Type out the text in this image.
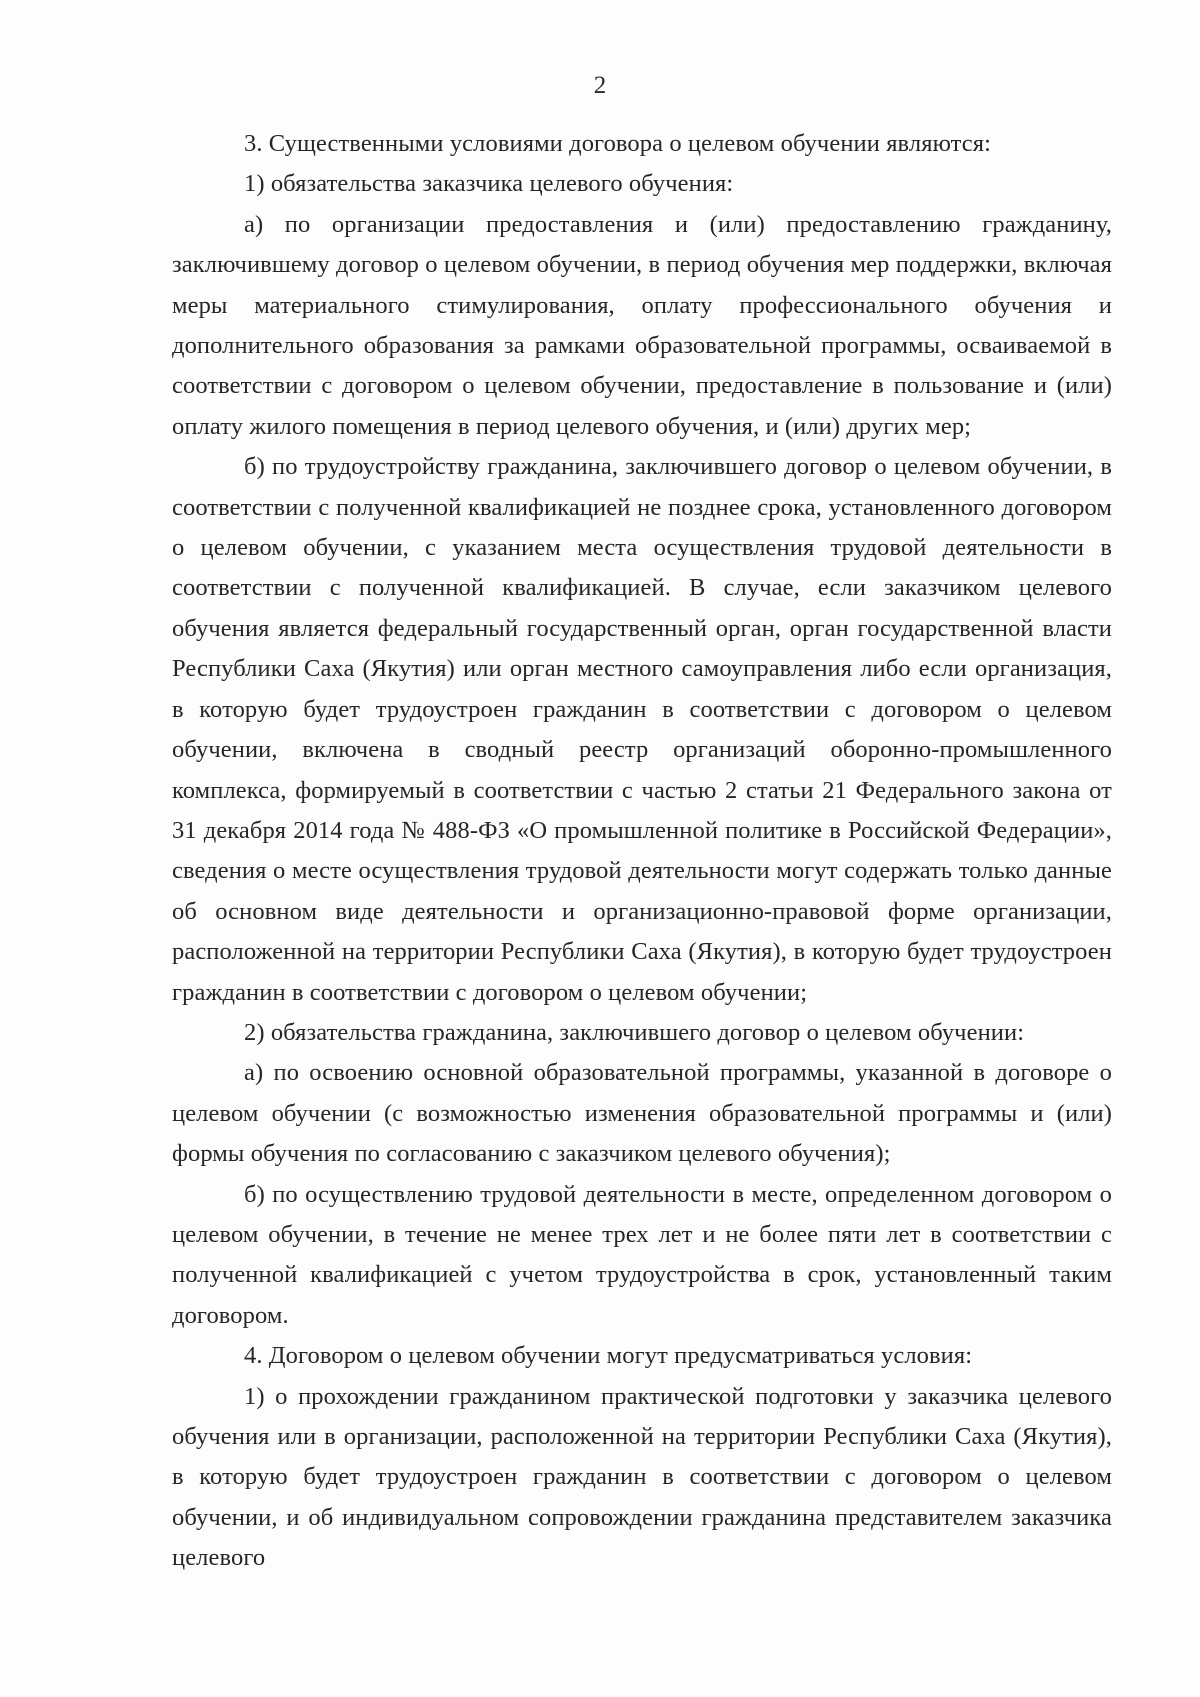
2

3. Существенными условиями договора о целевом обучении являются:

1) обязательства заказчика целевого обучения:

а) по организации предоставления и (или) предоставлению гражданину, заключившему договор о целевом обучении, в период обучения мер поддержки, включая меры материального стимулирования, оплату профессионального обучения и дополнительного образования за рамками образовательной программы, осваиваемой в соответствии с договором о целевом обучении, предоставление в пользование и (или) оплату жилого помещения в период целевого обучения, и (или) других мер;

б) по трудоустройству гражданина, заключившего договор о целевом обучении, в соответствии с полученной квалификацией не позднее срока, установленного договором о целевом обучении, с указанием места осуществления трудовой деятельности в соответствии с полученной квалификацией. В случае, если заказчиком целевого обучения является федеральный государственный орган, орган государственной власти Республики Саха (Якутия) или орган местного самоуправления либо если организация, в которую будет трудоустроен гражданин в соответствии с договором о целевом обучении, включена в сводный реестр организаций оборонно-промышленного комплекса, формируемый в соответствии с частью 2 статьи 21 Федерального закона от 31 декабря 2014 года № 488-ФЗ «О промышленной политике в Российской Федерации», сведения о месте осуществления трудовой деятельности могут содержать только данные об основном виде деятельности и организационно-правовой форме организации, расположенной на территории Республики Саха (Якутия), в которую будет трудоустроен гражданин в соответствии с договором о целевом обучении;

2) обязательства гражданина, заключившего договор о целевом обучении:

а) по освоению основной образовательной программы, указанной в договоре о целевом обучении (с возможностью изменения образовательной программы и (или) формы обучения по согласованию с заказчиком целевого обучения);

б) по осуществлению трудовой деятельности в месте, определенном договором о целевом обучении, в течение не менее трех лет и не более пяти лет в соответствии с полученной квалификацией с учетом трудоустройства в срок, установленный таким договором.

4. Договором о целевом обучении могут предусматриваться условия:

1) о прохождении гражданином практической подготовки у заказчика целевого обучения или в организации, расположенной на территории Республики Саха (Якутия), в которую будет трудоустроен гражданин в соответствии с договором о целевом обучении, и об индивидуальном сопровождении гражданина представителем заказчика целевого
